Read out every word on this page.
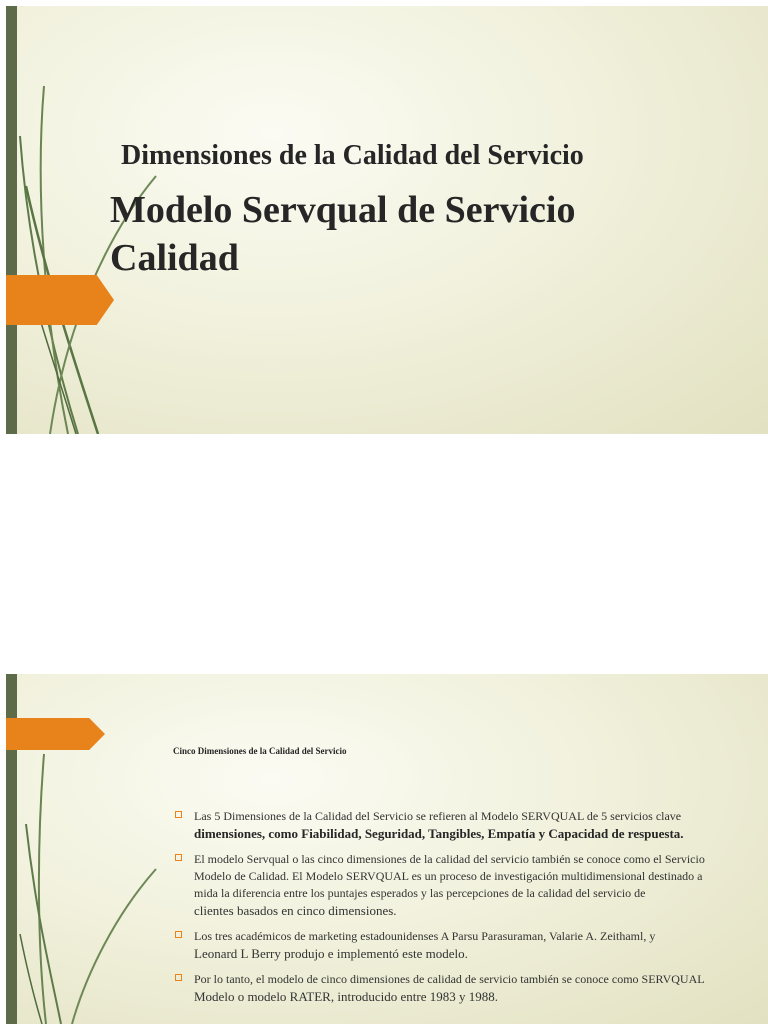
Dimensiones de la Calidad del Servicio
Modelo Servqual de Servicio
Calidad
Cinco Dimensiones de la Calidad del Servicio
Las 5 Dimensiones de la Calidad del Servicio se refieren al Modelo SERVQUAL de 5 servicios clave
dimensiones, como Fiabilidad, Seguridad, Tangibles, Empatía y Capacidad de respuesta.
El modelo Servqual o las cinco dimensiones de la calidad del servicio también se conoce como el Servicio
Modelo de Calidad. El Modelo SERVQUAL es un proceso de investigación multidimensional destinado a
mida la diferencia entre los puntajes esperados y las percepciones de la calidad del servicio de
clientes basados en cinco dimensiones.
Los tres académicos de marketing estadounidenses A Parsu Parasuraman, Valarie A. Zeithaml, y
Leonard L Berry produjo e implementó este modelo.
Por lo tanto, el modelo de cinco dimensiones de calidad de servicio también se conoce como SERVQUAL
Modelo o modelo RATER, introducido entre 1983 y 1988.
